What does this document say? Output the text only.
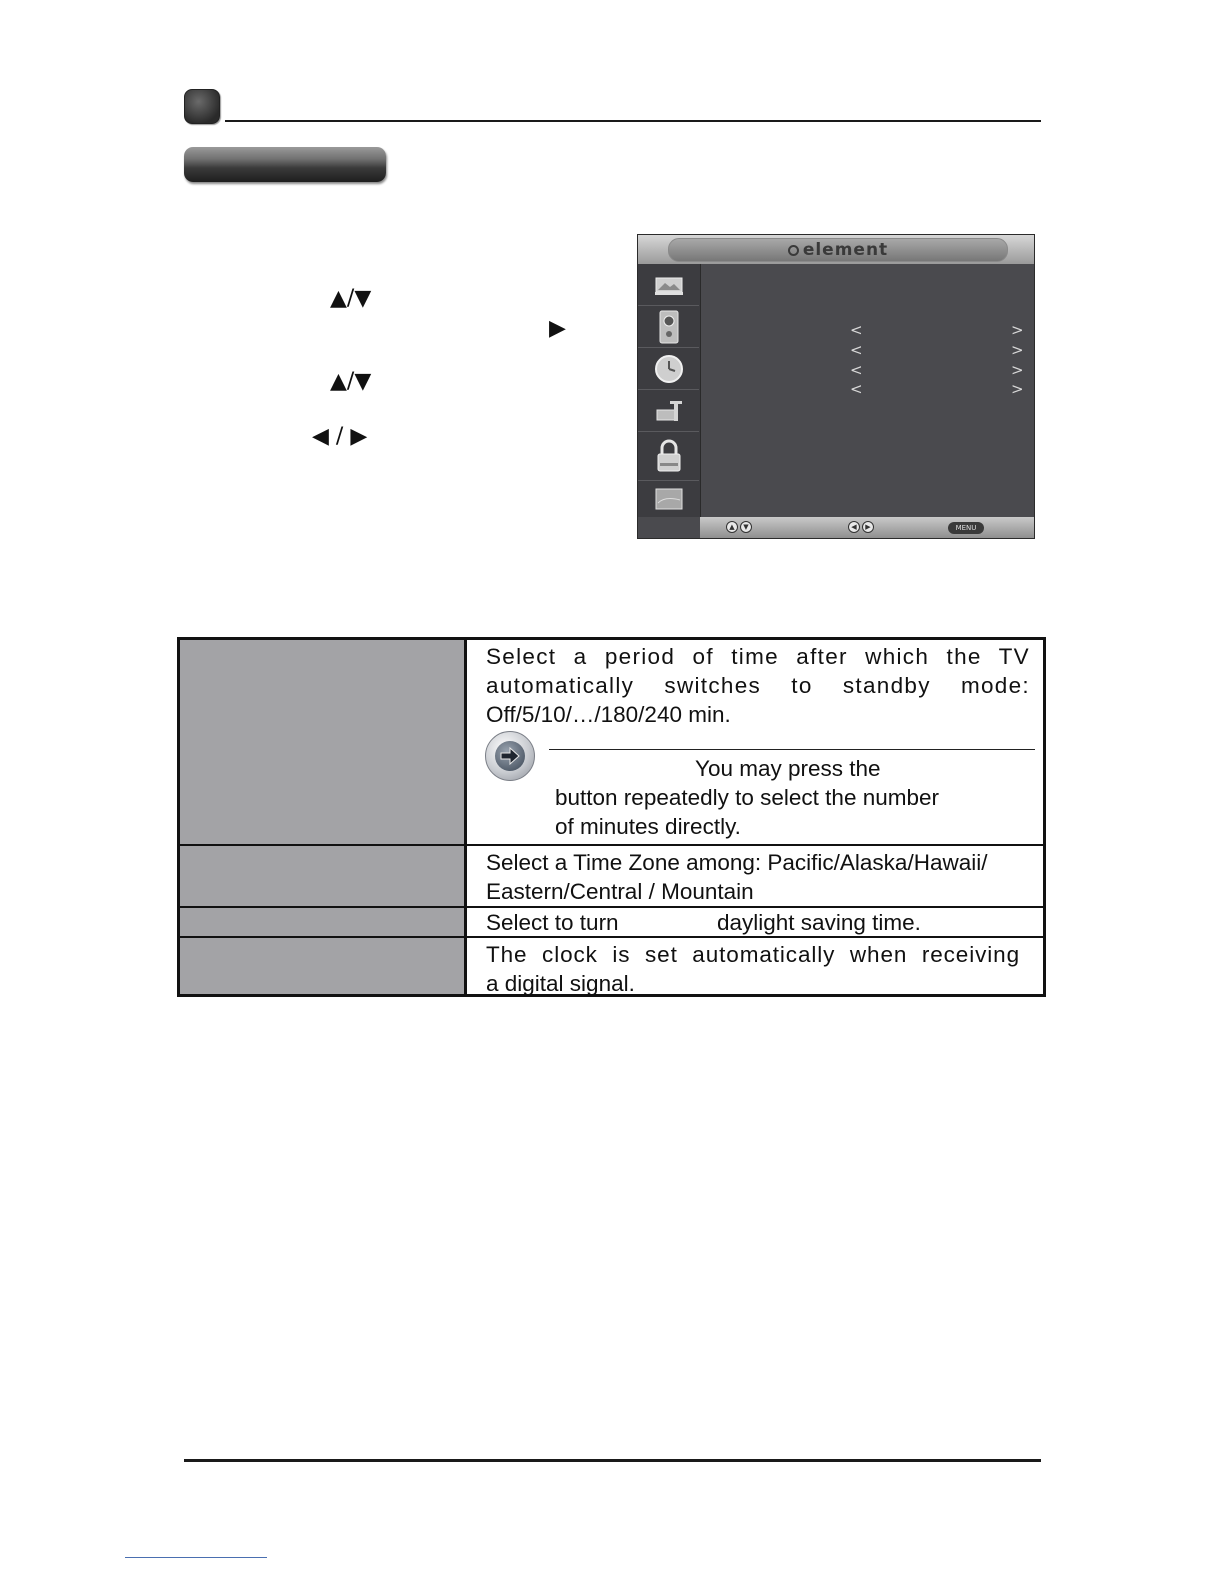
▲/▼
▶
▲/▼
◀ / ▶
element
<	>
<	>
<	>
<	>
▲	▼	◀	▶	MENU
Select a period of time after which the TV
automatically switches to standby mode:
Off/5/10/…/180/240 min.
You may press the
button repeatedly to select the number
of minutes directly.
Select a Time Zone among: Pacific/Alaska/Hawaii/
Eastern/Central / Mountain
Select to turn	daylight saving time.
The clock is set automatically when receiving
a digital signal.
